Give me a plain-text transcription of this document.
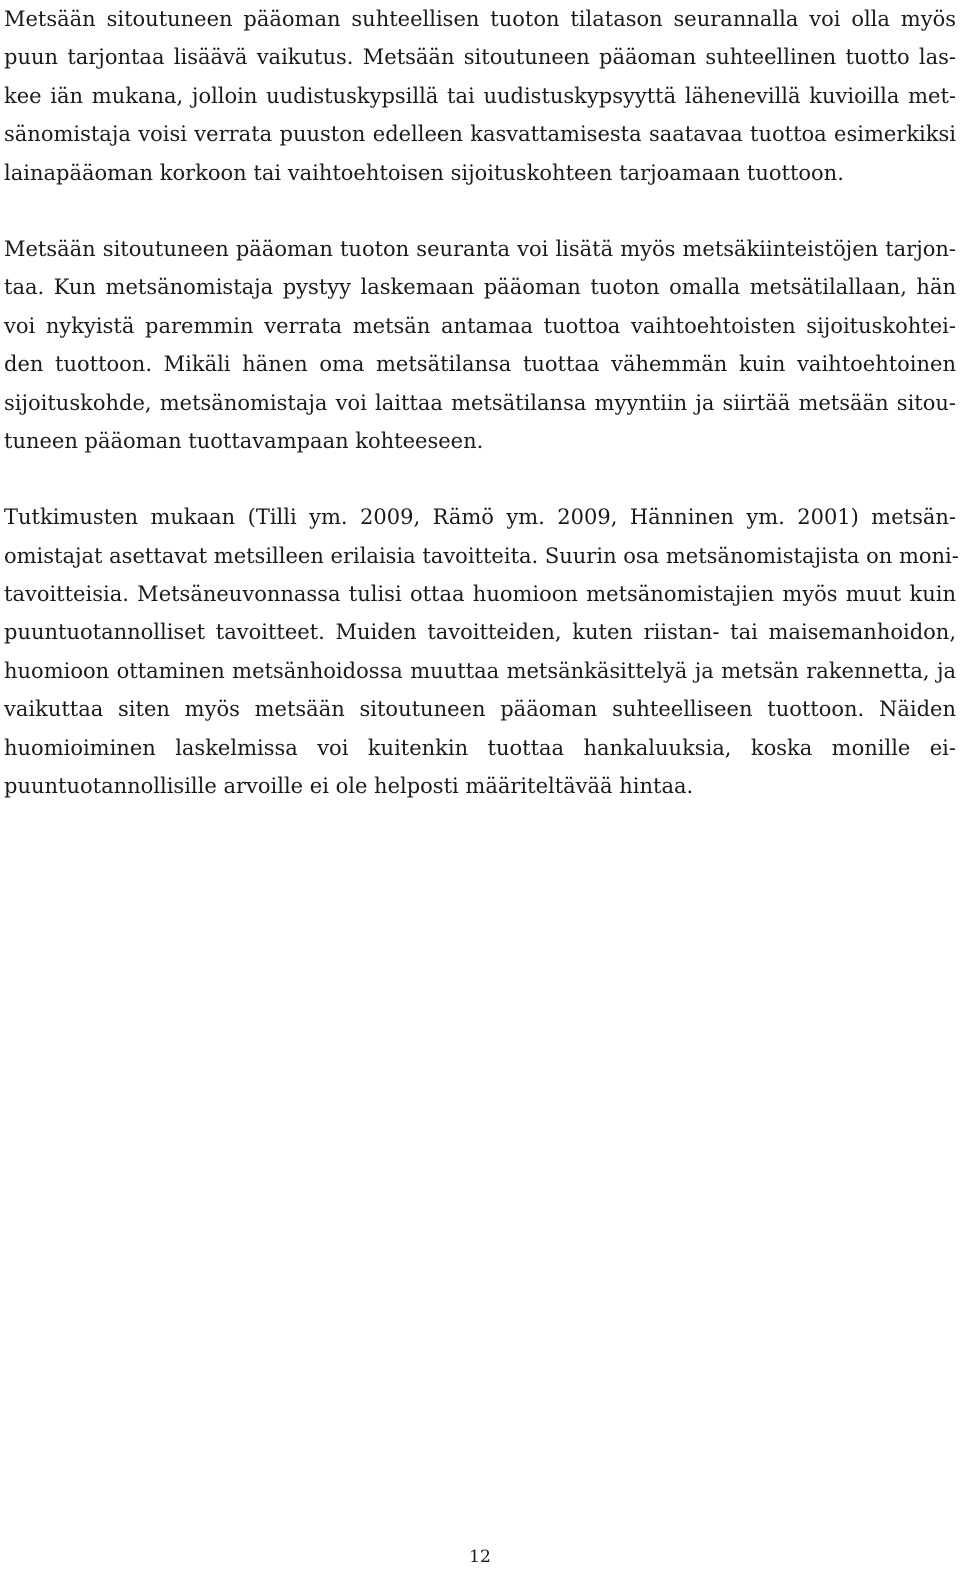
Metsään sitoutuneen pääoman suhteellisen tuoton tilatason seurannalla voi olla myös
puun tarjontaa lisäävä vaikutus. Metsään sitoutuneen pääoman suhteellinen tuotto las-
kee iän mukana, jolloin uudistuskypsillä tai uudistuskypsyyttä lähenevillä kuvioilla met-
sänomistaja voisi verrata puuston edelleen kasvattamisesta saatavaa tuottoa esimerkiksi
lainapääoman korkoon tai vaihtoehtoisen sijoituskohteen tarjoamaan tuottoon.
Metsään sitoutuneen pääoman tuoton seuranta voi lisätä myös metsäkiinteistöjen tarjon-
taa. Kun metsänomistaja pystyy laskemaan pääoman tuoton omalla metsätilallaan, hän
voi nykyistä paremmin verrata metsän antamaa tuottoa vaihtoehtoisten sijoituskohtei-
den tuottoon. Mikäli hänen oma metsätilansa tuottaa vähemmän kuin vaihtoehtoinen
sijoituskohde, metsänomistaja voi laittaa metsätilansa myyntiin ja siirtää metsään sitou-
tuneen pääoman tuottavampaan kohteeseen.
Tutkimusten mukaan (Tilli ym. 2009, Rämö ym. 2009, Hänninen ym. 2001) metsän-
omistajat asettavat metsilleen erilaisia tavoitteita. Suurin osa metsänomistajista on moni-
tavoitteisia. Metsäneuvonnassa tulisi ottaa huomioon metsänomistajien myös muut kuin
puuntuotannolliset tavoitteet. Muiden tavoitteiden, kuten riistan- tai maisemanhoidon,
huomioon ottaminen metsänhoidossa muuttaa metsänkäsittelyä ja metsän rakennetta, ja
vaikuttaa siten myös metsään sitoutuneen pääoman suhteelliseen tuottoon. Näiden
huomioiminen laskelmissa voi kuitenkin tuottaa hankaluuksia, koska monille ei-
puuntuotannollisille arvoille ei ole helposti määriteltävää hintaa.
12
